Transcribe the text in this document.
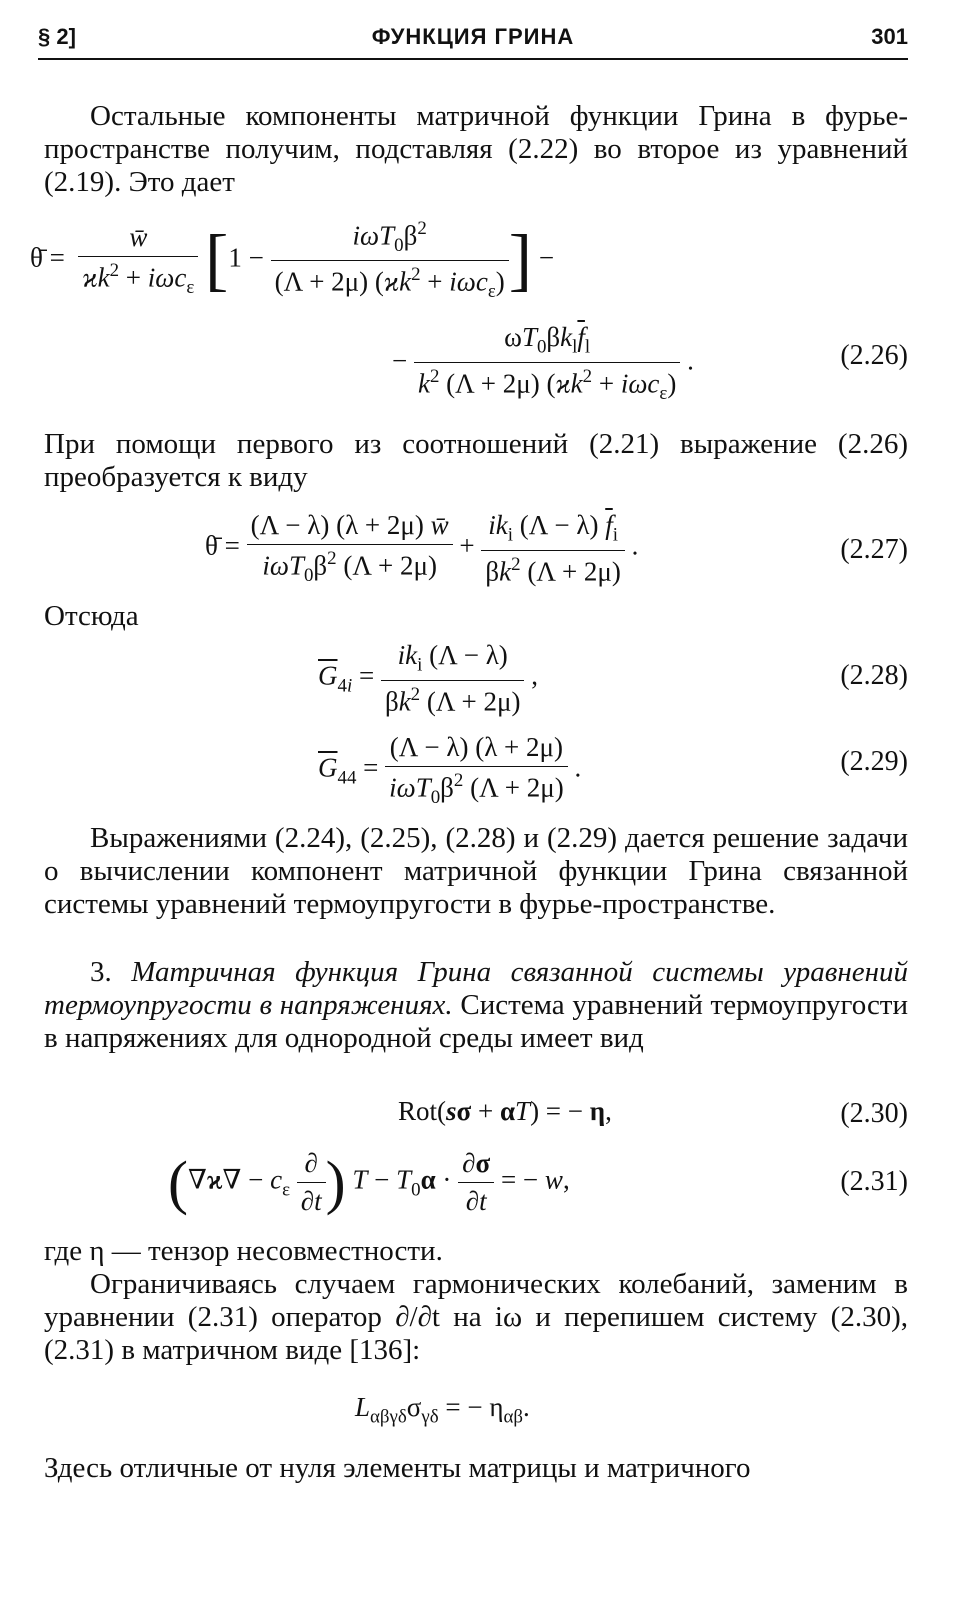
§ 2]	ФУНКЦИЯ ГРИНА	301

Остальные компоненты матричной функции Грина в фурье-пространстве получим, подставляя (2.22) во второе из уравнений (2.19). Это дает

θ̄ = $\frac{w̄}{ϰk^2 + i\omega c_\varepsilon} [1 - \frac{i\omega T_0\beta^2}{(\Lambda + 2\mu) (ϰk^2 + i\omega c_\varepsilon)}$ ] −
− $\frac{\omega T_0\beta k_l\overline{f}_l}{k^2 (\Lambda + 2\mu) (ϰk^2 + i\omega c_\varepsilon)}$ .	(2.26)

При помощи первого из соотношений (2.21) выражение (2.26) преобразуется к виду

θ̄ = $\frac{(\Lambda - \lambda) (\lambda + 2\mu) w̄}{i\omega T_0\beta^2 (\Lambda + 2\mu)} + \frac{ik_i (\Lambda - \lambda) \overline{f}_i}{\beta k^2 (\Lambda + 2\mu)}$ .	(2.27)

Отсюда

$\overline{G}_{4i} = \frac{ik_i (\Lambda - \lambda)}{\beta k^2 (\Lambda + 2\mu)}$ ,	(2.28)
$\overline{G}_{44} = \frac{(\Lambda - \lambda) (\lambda + 2\mu)}{i\omega T_0\beta^2 (\Lambda + 2\mu)}$ .	(2.29)

Выражениями (2.24), (2.25), (2.28) и (2.29) дается решение задачи о вычислении компонент матричной функции Грина связанной системы уравнений термоупругости в фурье-пространстве.

3. Матричная функция Грина связанной системы уравнений термоупругости в напряжениях. Система уравнений термоупругости в напряжениях для однородной среды имеет вид

Rot(sσ + αT) = − η,	(2.30)
($\nabla ϰ\nabla - c_\varepsilon \frac{\partial}{\partial t}$ ) $T - T_0\alpha \cdot \frac{\partial\sigma}{\partial t}$ = − w,	(2.31)

где η — тензор несовместности.

Ограничиваясь случаем гармонических колебаний, заменим в уравнении (2.31) оператор ∂/∂t на iω и перепишем систему (2.30), (2.31) в матричном виде [136]:

$L_{\alpha\beta\gamma\delta}\sigma_{\gamma\delta}$ = − $\eta_{\alpha\beta}$.

Здесь отличные от нуля элементы матрицы и матричного
